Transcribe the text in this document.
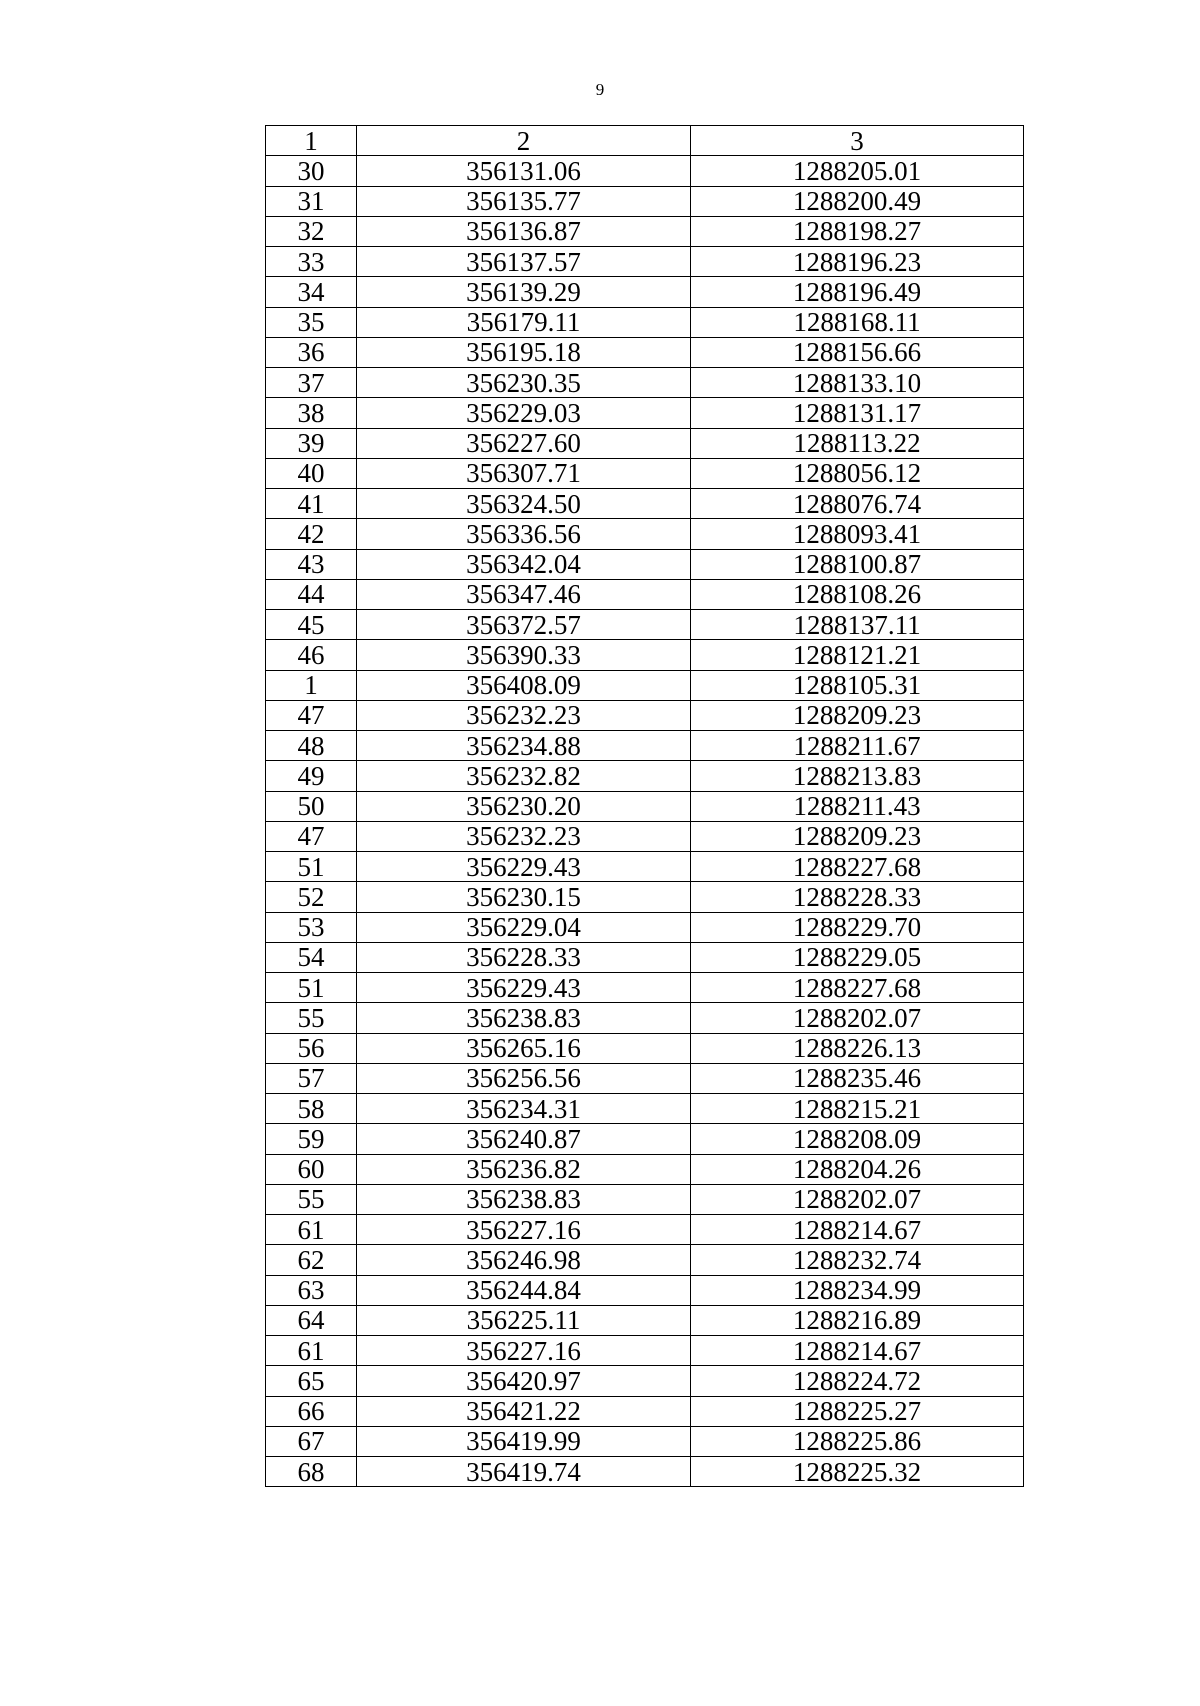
9
1	2	3
30	356131.06	1288205.01
31	356135.77	1288200.49
32	356136.87	1288198.27
33	356137.57	1288196.23
34	356139.29	1288196.49
35	356179.11	1288168.11
36	356195.18	1288156.66
37	356230.35	1288133.10
38	356229.03	1288131.17
39	356227.60	1288113.22
40	356307.71	1288056.12
41	356324.50	1288076.74
42	356336.56	1288093.41
43	356342.04	1288100.87
44	356347.46	1288108.26
45	356372.57	1288137.11
46	356390.33	1288121.21
1	356408.09	1288105.31
47	356232.23	1288209.23
48	356234.88	1288211.67
49	356232.82	1288213.83
50	356230.20	1288211.43
47	356232.23	1288209.23
51	356229.43	1288227.68
52	356230.15	1288228.33
53	356229.04	1288229.70
54	356228.33	1288229.05
51	356229.43	1288227.68
55	356238.83	1288202.07
56	356265.16	1288226.13
57	356256.56	1288235.46
58	356234.31	1288215.21
59	356240.87	1288208.09
60	356236.82	1288204.26
55	356238.83	1288202.07
61	356227.16	1288214.67
62	356246.98	1288232.74
63	356244.84	1288234.99
64	356225.11	1288216.89
61	356227.16	1288214.67
65	356420.97	1288224.72
66	356421.22	1288225.27
67	356419.99	1288225.86
68	356419.74	1288225.32
